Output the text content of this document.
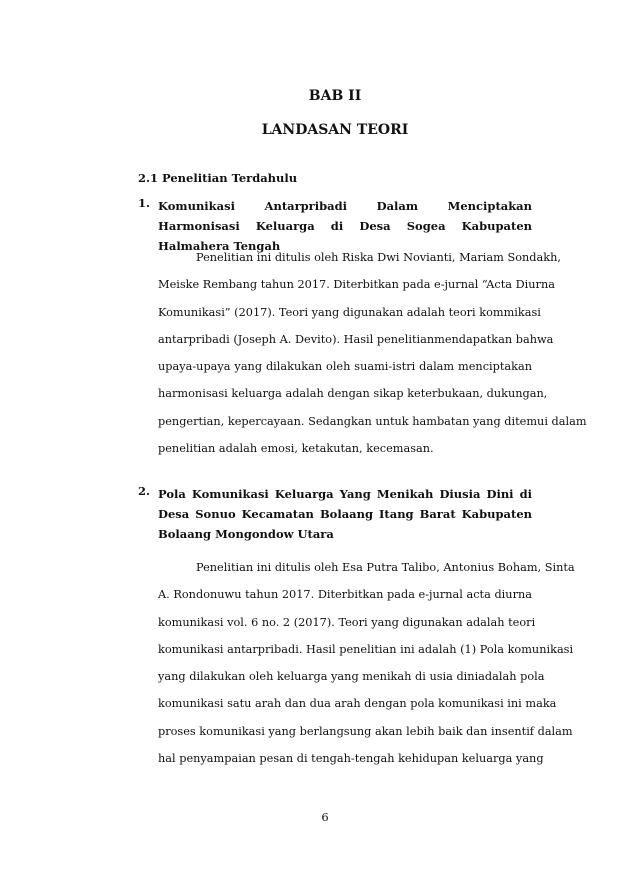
BAB II
LANDASAN TEORI
2.1 Penelitian Terdahulu
1. Komunikasi Antarpribadi Dalam Menciptakan Harmonisasi Keluarga di Desa Sogea Kabupaten Halmahera Tengah
Penelitian ini ditulis oleh Riska Dwi Novianti, Mariam Sondakh,
Meiske Rembang tahun 2017. Diterbitkan pada e-jurnal “Acta Diurna
Komunikasi” (2017). Teori yang digunakan adalah teori kommikasi
antarpribadi (Joseph A. Devito). Hasil penelitianmendapatkan bahwa
upaya-upaya yang dilakukan oleh suami-istri dalam menciptakan
harmonisasi keluarga adalah dengan sikap keterbukaan, dukungan,
pengertian, kepercayaan. Sedangkan untuk hambatan yang ditemui dalam
penelitian adalah emosi, ketakutan, kecemasan.
2. Pola Komunikasi Keluarga Yang Menikah Diusia Dini di Desa Sonuo Kecamatan Bolaang Itang Barat Kabupaten Bolaang Mongondow Utara
Penelitian ini ditulis oleh Esa Putra Talibo, Antonius Boham, Sinta
A. Rondonuwu tahun 2017. Diterbitkan pada e-jurnal acta diurna
komunikasi vol. 6 no. 2 (2017). Teori yang digunakan adalah teori
komunikasi antarpribadi. Hasil penelitian ini adalah (1) Pola komunikasi
yang dilakukan oleh keluarga yang menikah di usia diniadalah pola
komunikasi satu arah dan dua arah dengan pola komunikasi ini maka
proses komunikasi yang berlangsung akan lebih baik dan insentif dalam
hal penyampaian pesan di tengah-tengah kehidupan keluarga yang
6
